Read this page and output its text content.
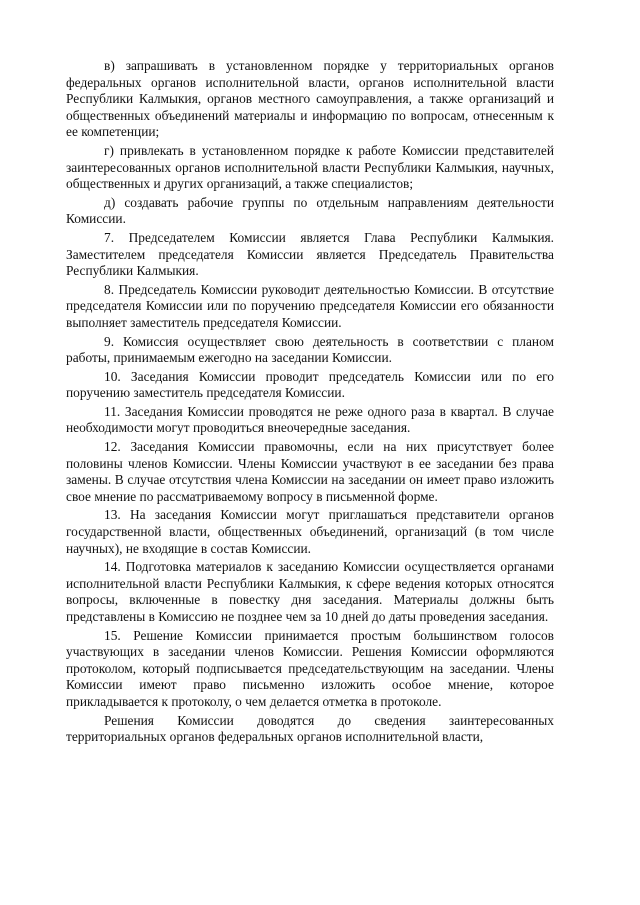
в) запрашивать в установленном порядке у территориальных органов федеральных органов исполнительной власти, органов исполнительной власти Республики Калмыкия, органов местного самоуправления, а также организаций и общественных объединений материалы и информацию по вопросам, отнесенным к ее компетенции;

г) привлекать в установленном порядке к работе Комиссии представителей заинтересованных органов исполнительной власти Республики Калмыкия, научных, общественных и других организаций, а также специалистов;

д) создавать рабочие группы по отдельным направлениям деятельности Комиссии.

7. Председателем Комиссии является Глава Республики Калмыкия. Заместителем председателя Комиссии является Председатель Правительства Республики Калмыкия.

8. Председатель Комиссии руководит деятельностью Комиссии. В отсутствие председателя Комиссии или по поручению председателя Комиссии его обязанности выполняет заместитель председателя Комиссии.

9. Комиссия осуществляет свою деятельность в соответствии с планом работы, принимаемым ежегодно на заседании Комиссии.

10. Заседания Комиссии проводит председатель Комиссии или по его поручению заместитель председателя Комиссии.

11. Заседания Комиссии проводятся не реже одного раза в квартал. В случае необходимости могут проводиться внеочередные заседания.

12. Заседания Комиссии правомочны, если на них присутствует более половины членов Комиссии. Члены Комиссии участвуют в ее заседании без права замены. В случае отсутствия члена Комиссии на заседании он имеет право изложить свое мнение по рассматриваемому вопросу в письменной форме.

13. На заседания Комиссии могут приглашаться представители органов государственной власти, общественных объединений, организаций (в том числе научных), не входящие в состав Комиссии.

14. Подготовка материалов к заседанию Комиссии осуществляется органами исполнительной власти Республики Калмыкия, к сфере ведения которых относятся вопросы, включенные в повестку дня заседания. Материалы должны быть представлены в Комиссию не позднее чем за 10 дней до даты проведения заседания.

15. Решение Комиссии принимается простым большинством голосов участвующих в заседании членов Комиссии. Решения Комиссии оформляются протоколом, который подписывается председательствующим на заседании. Члены Комиссии имеют право письменно изложить особое мнение, которое прикладывается к протоколу, о чем делается отметка в протоколе.

Решения Комиссии доводятся до сведения заинтересованных территориальных органов федеральных органов исполнительной власти,
